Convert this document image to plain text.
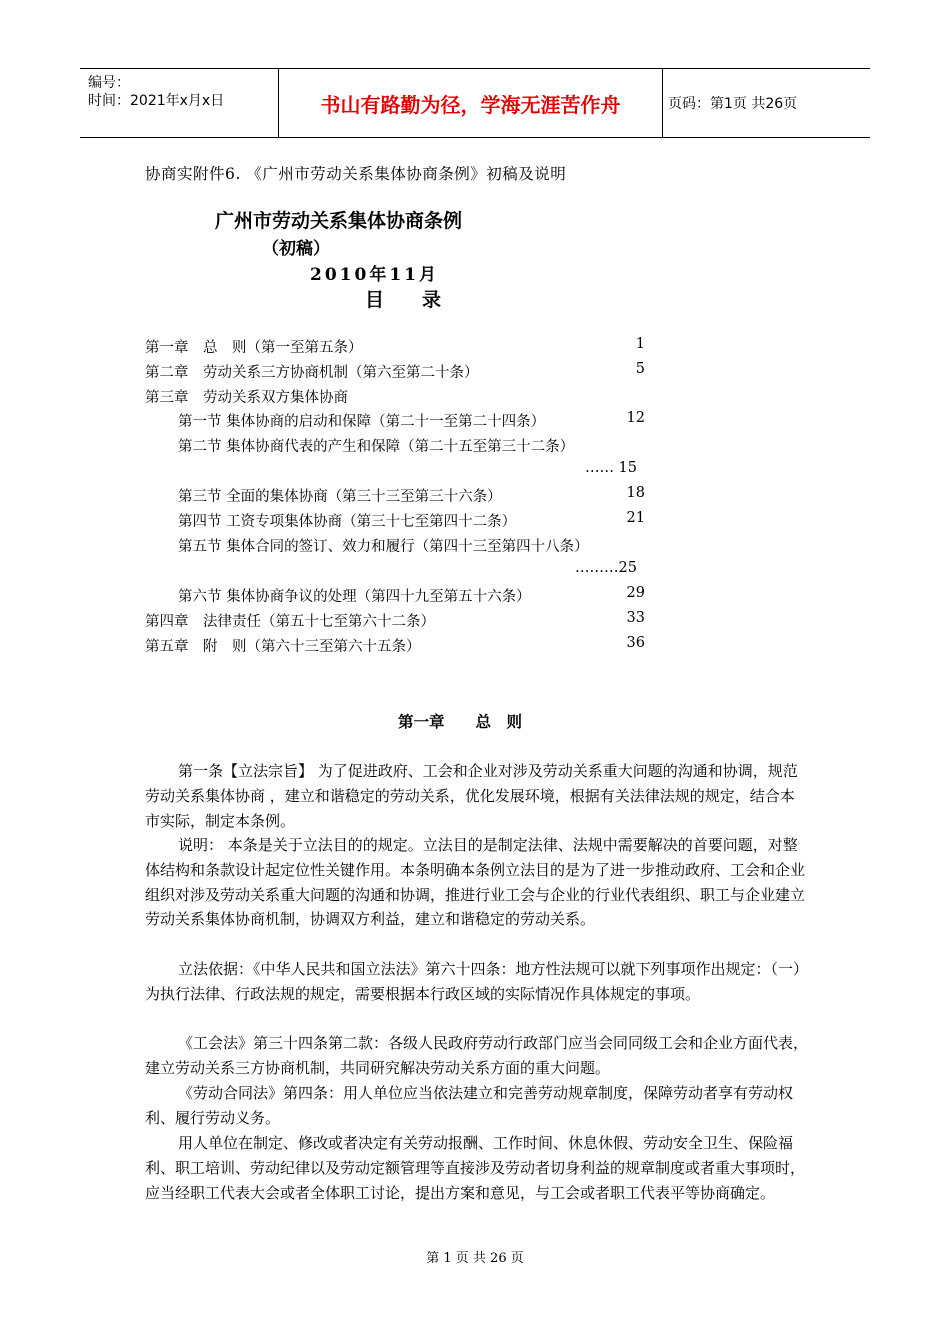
编号：
时间：2021年x月x日	书山有路勤为径，学海无涯苦作舟	页码：第1页 共26页
协商实附件6. 《广州市劳动关系集体协商条例》初稿及说明
广州市劳动关系集体协商条例
（初稿）
2010年11月
目　　录
第一章　总　则（第一至第五条）	1
第二章　劳动关系三方协商机制（第六至第二十条）	5
第三章　劳动关系双方集体协商
第一节 集体协商的启动和保障（第二十一至第二十四条）	12
第二节 集体协商代表的产生和保障（第二十五至第三十二条）
…… 15
第三节 全面的集体协商（第三十三至第三十六条）	18
第四节 工资专项集体协商（第三十七至第四十二条）	21
第五节 集体合同的签订、效力和履行（第四十三至第四十八条）
………25
第六节 集体协商争议的处理（第四十九至第五十六条）	29
第四章　法律责任（第五十七至第六十二条）	33
第五章　附　则（第六十三至第六十五条）	36
第一章　　总　则
第一条【立法宗旨】 为了促进政府、工会和企业对涉及劳动关系重大问题的沟通和协调，规范劳动关系集体协商 ，建立和谐稳定的劳动关系，优化发展环境，根据有关法律法规的规定，结合本市实际，制定本条例。
说明： 本条是关于立法目的的规定。立法目的是制定法律、法规中需要解决的首要问题，对整体结构和条款设计起定位性关键作用。本条明确本条例立法目的是为了进一步推动政府、工会和企业组织对涉及劳动关系重大问题的沟通和协调，推进行业工会与企业的行业代表组织、职工与企业建立劳动关系集体协商机制，协调双方利益，建立和谐稳定的劳动关系。
立法依据：《中华人民共和国立法法》第六十四条：地方性法规可以就下列事项作出规定：（一）为执行法律、行政法规的规定，需要根据本行政区域的实际情况作具体规定的事项。
《工会法》第三十四条第二款：各级人民政府劳动行政部门应当会同同级工会和企业方面代表，建立劳动关系三方协商机制，共同研究解决劳动关系方面的重大问题。
《劳动合同法》第四条：用人单位应当依法建立和完善劳动规章制度，保障劳动者享有劳动权利、履行劳动义务。
用人单位在制定、修改或者决定有关劳动报酬、工作时间、休息休假、劳动安全卫生、保险福利、职工培训、劳动纪律以及劳动定额管理等直接涉及劳动者切身利益的规章制度或者重大事项时，应当经职工代表大会或者全体职工讨论，提出方案和意见，与工会或者职工代表平等协商确定。
第 1 页 共 26 页
